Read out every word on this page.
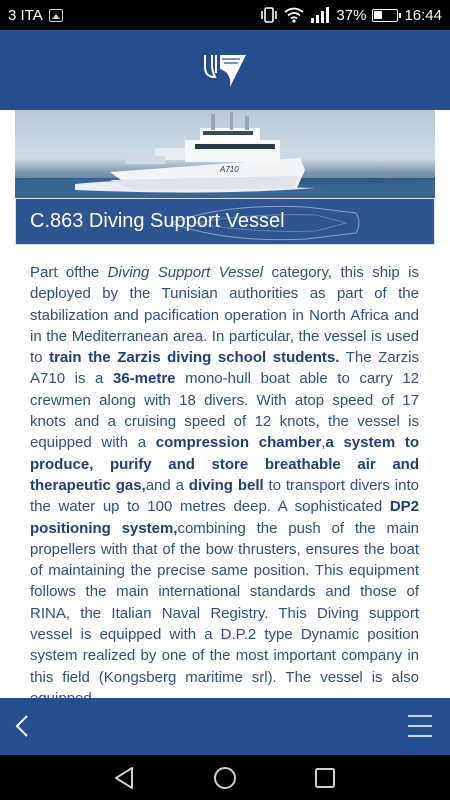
3 ITA	37%	16:44
A710
C.863 Diving Support Vessel
Part ofthe Diving Support Vessel category, this ship is deployed by the Tunisian authorities as part of the stabilization and pacification operation in North Africa and in the Mediterranean area. In particular, the vessel is used to train the Zarzis diving school students. The Zarzis A710 is a 36-metre mono-hull boat able to carry 12 crewmen along with 18 divers. With atop speed of 17 knots and a cruising speed of 12 knots, the vessel is equipped with a compression chamber,a system to produce, purify and store breathable air and therapeutic gas,and a diving bell to transport divers into the water up to 100 metres deep. A sophisticated DP2 positioning system,combining the push of the main propellers with that of the bow thrusters, ensures the boat of maintaining the precise same position. This equipment follows the main international standards and those of RINA, the Italian Naval Registry. This Diving support vessel is equipped with a D.P.2 type Dynamic position system realized by one of the most important company in this field (Kongsberg maritime srl). The vessel is also
